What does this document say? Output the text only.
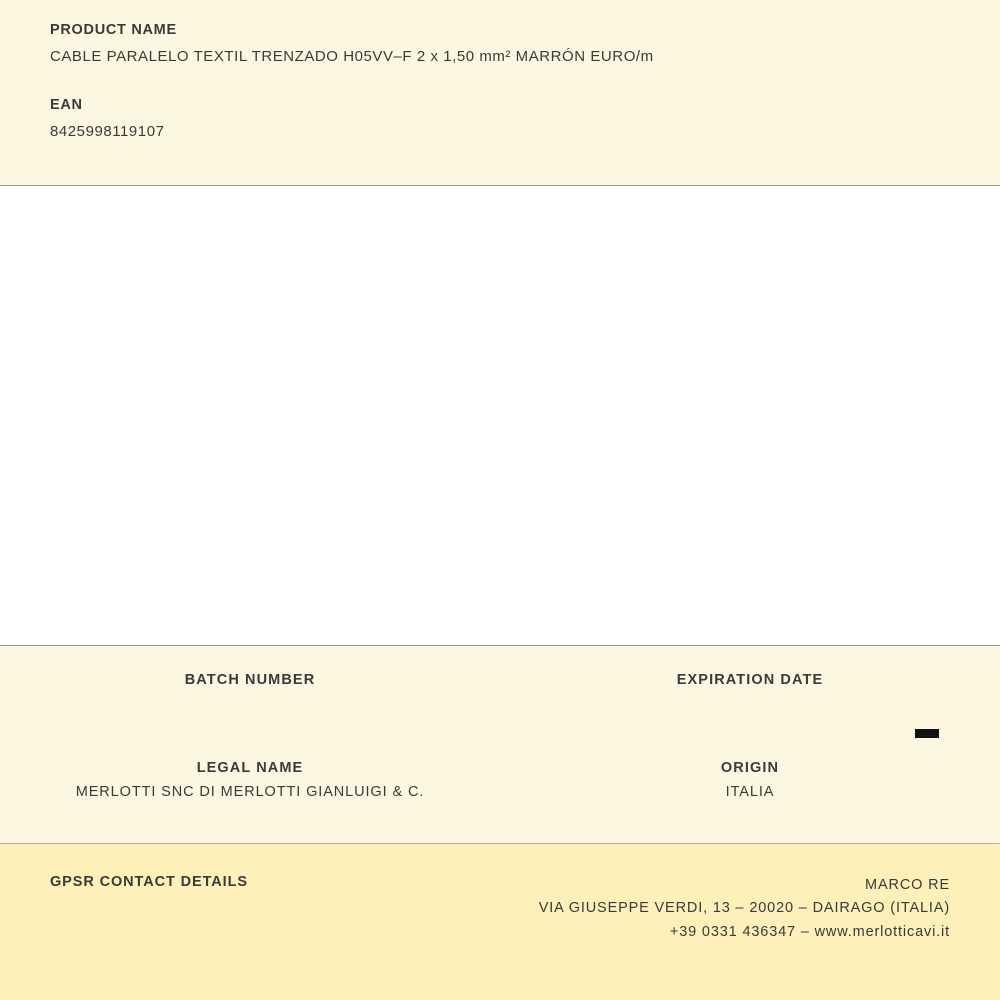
PRODUCT NAME

CABLE PARALELO TEXTIL TRENZADO H05VV–F 2 x 1,50 mm² MARRÓN EURO/m

EAN

8425998119107

BATCH NUMBER	EXPIRATION DATE

LEGAL NAME

MERLOTTI SNC DI MERLOTTI GIANLUIGI & C.

ORIGIN

ITALIA

GPSR CONTACT DETAILS	MARCO RE
VIA GIUSEPPE VERDI, 13 – 20020 – DAIRAGO (ITALIA)
+39 0331 436347 – www.merlotticavi.it
